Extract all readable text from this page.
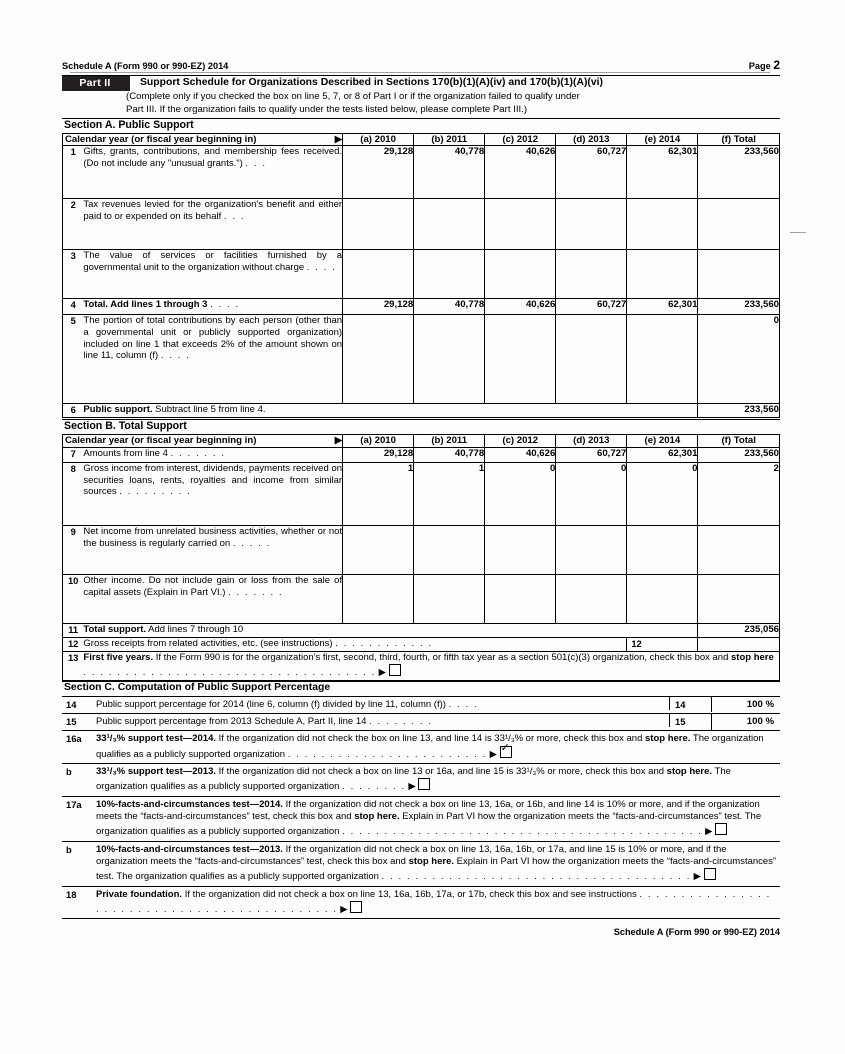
Schedule A (Form 990 or 990-EZ) 2014	Page 2
Part II	Support Schedule for Organizations Described in Sections 170(b)(1)(A)(iv) and 170(b)(1)(A)(vi)
(Complete only if you checked the box on line 5, 7, or 8 of Part I or if the organization failed to qualify under
Part III. If the organization fails to qualify under the tests listed below, please complete Part III.)
Section A. Public Support
Calendar year (or fiscal year beginning in) ▶		(a) 2010	(b) 2011	(c) 2012	(d) 2013	(e) 2014	(f) Total
1	Gifts, grants, contributions, and membership fees received. (Do not include any "unusual grants.") . . .	29,128	40,778	40,626	60,727	62,301	233,560
2	Tax revenues levied for the organization's benefit and either paid to or expended on its behalf . . .						
3	The value of services or facilities furnished by a governmental unit to the organization without charge . . . .						
4	Total. Add lines 1 through 3 . . . .	29,128	40,778	40,626	60,727	62,301	233,560
5	The portion of total contributions by each person (other than a governmental unit or publicly supported organization) included on line 1 that exceeds 2% of the amount shown on line 11, column (f) . . . .						0
6	Public support. Subtract line 5 from line 4.						233,560
Section B. Total Support
Calendar year (or fiscal year beginning in) ▶		(a) 2010	(b) 2011	(c) 2012	(d) 2013	(e) 2014	(f) Total
7	Amounts from line 4 . . . . . . .	29,128	40,778	40,626	60,727	62,301	233,560
8	Gross income from interest, dividends, payments received on securities loans, rents, royalties and income from similar sources . . . . . . . . .	1	1	0	0	0	2
9	Net income from unrelated business activities, whether or not the business is regularly carried on . . . . .						
10	Other income. Do not include gain or loss from the sale of capital assets (Explain in Part VI.) . . . . . . .						
11	Total support. Add lines 7 through 10						235,056
12	Gross receipts from related activities, etc. (see instructions) . . . . . . . . . . . .					12	
13	First five years. If the Form 990 is for the organization's first, second, third, fourth, or fifth tax year as a section 501(c)(3) organization, check this box and stop here . . . . . . . . . . . . . . . . . . . . . . . . . . . . . . . . . . . ▶						
Section C. Computation of Public Support Percentage
14	Public support percentage for 2014 (line 6, column (f) divided by line 11, column (f)) . . . .	14	100 %
15	Public support percentage from 2013 Schedule A, Part II, line 14 . . . . . . . .	15	100 %
16a	33¹/₃% support test—2014. If the organization did not check the box on line 13, and line 14 is 33¹/₃% or more, check this box and stop here. The organization qualifies as a publicly supported organization . . . . . . . . . . . . . . . . . . . . . . . . ▶ ✓
b	33¹/₃% support test—2013. If the organization did not check a box on line 13 or 16a, and line 15 is 33¹/₃% or more, check this box and stop here. The organization qualifies as a publicly supported organization . . . . . . . . ▶
17a	10%-facts-and-circumstances test—2014. If the organization did not check a box on line 13, 16a, or 16b, and line 14 is 10% or more, and if the organization meets the “facts-and-circumstances” test, check this box and stop here. Explain in Part VI how the organization meets the “facts-and-circumstances” test. The organization qualifies as a publicly supported organization . . . . . . . . . . . . . . . . . . . . . . . . . . . . . . . . . . . . . . . . . . . ▶
b	10%-facts-and-circumstances test—2013. If the organization did not check a box on line 13, 16a, 16b, or 17a, and line 15 is 10% or more, and if the organization meets the “facts-and-circumstances” test, check this box and stop here. Explain in Part VI how the organization meets the “facts-and-circumstances” test. The organization qualifies as a publicly supported organization . . . . . . . . . . . . . . . . . . . . . . . . . . . . . . . . . . . . . ▶
18	Private foundation. If the organization did not check a box on line 13, 16a, 16b, 17a, or 17b, check this box and see instructions . . . . . . . . . . . . . . . . . . . . . . . . . . . . . . . . . . . . . . . . . . . . . ▶
Schedule A (Form 990 or 990-EZ) 2014
